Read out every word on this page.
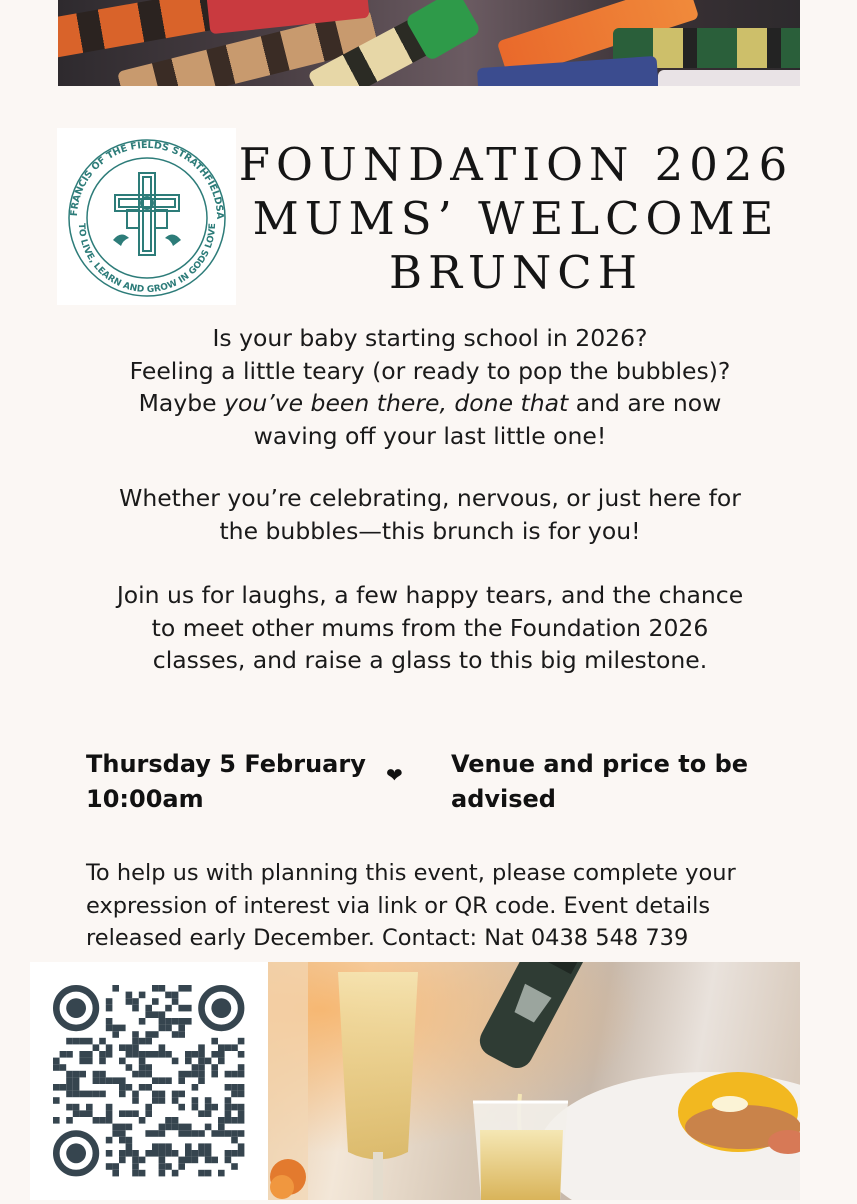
FRANCIS OF THE FIELDS STRATHFIELDSA
TO LIVE, LEARN AND GROW IN GODS LOVE
FOUNDATION 2026
MUMS’ WELCOME
BRUNCH

Is your baby starting school in 2026?
Feeling a little teary (or ready to pop the bubbles)?
Maybe you’ve been there, done that and are now
waving off your last little one!

Whether you’re celebrating, nervous, or just here for
the bubbles—this brunch is for you!

Join us for laughs, a few happy tears, and the chance
to meet other mums from the Foundation 2026
classes, and raise a glass to this big milestone.

Thursday 5 February
10:00am
❤ Venue and price to be
advised

To help us with planning this event, please complete your
expression of interest via link or QR code. Event details
released early December. Contact: Nat 0438 548 739
